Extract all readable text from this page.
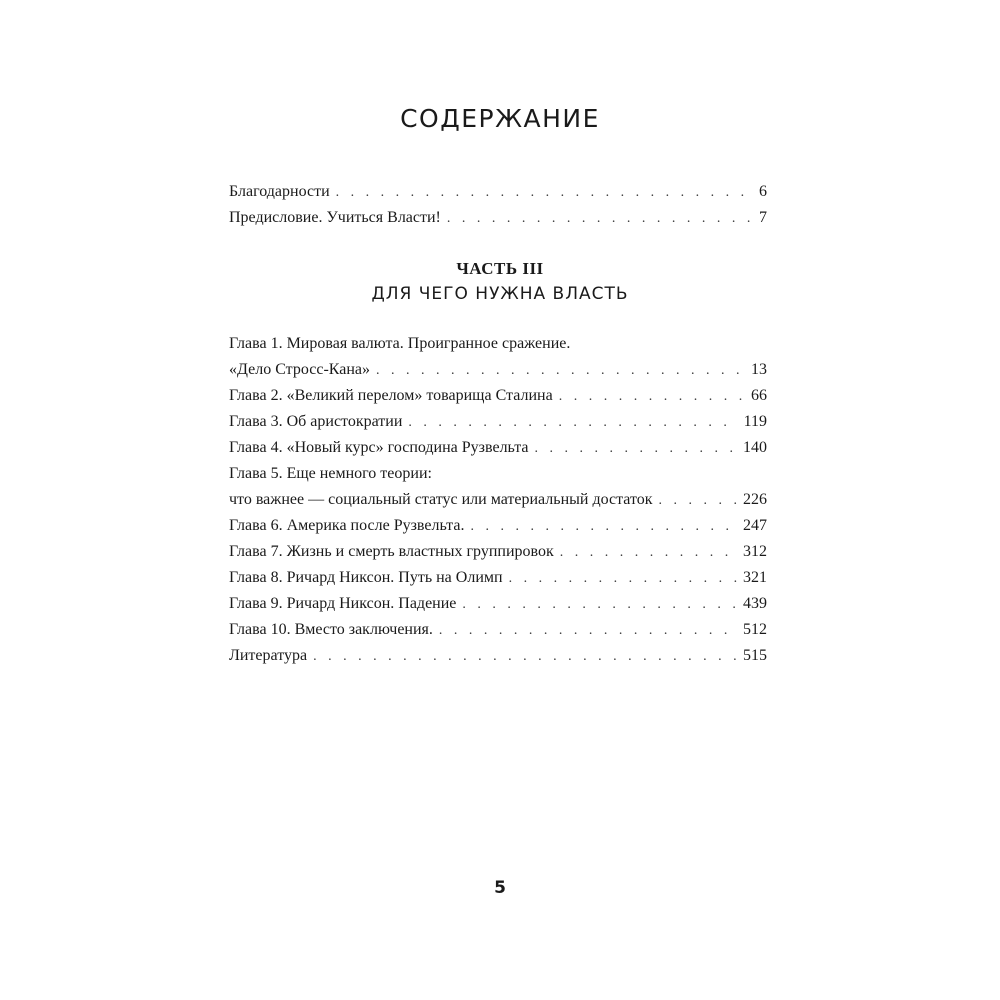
СОДЕРЖАНИЕ
Благодарности . . .	6
Предисловие. Учиться Власти! . . .	7
ЧАСТЬ III
ДЛЯ ЧЕГО НУЖНА ВЛАСТЬ
Глава 1. Мировая валюта. Проигранное сражение.
«Дело Стросс-Кана» . . .	13
Глава 2. «Великий перелом» товарища Сталина . . .	66
Глава 3. Об аристократии . . .	119
Глава 4. «Новый курс» господина Рузвельта . . .	140
Глава 5. Еще немного теории:
что важнее — социальный статус или материальный достаток . . .	226
Глава 6. Америка после Рузвельта. . . .	247
Глава 7. Жизнь и смерть властных группировок . . .	312
Глава 8. Ричард Никсон. Путь на Олимп . . .	321
Глава 9. Ричард Никсон. Падение . . .	439
Глава 10. Вместо заключения. . . .	512
Литература . . .	515
5
